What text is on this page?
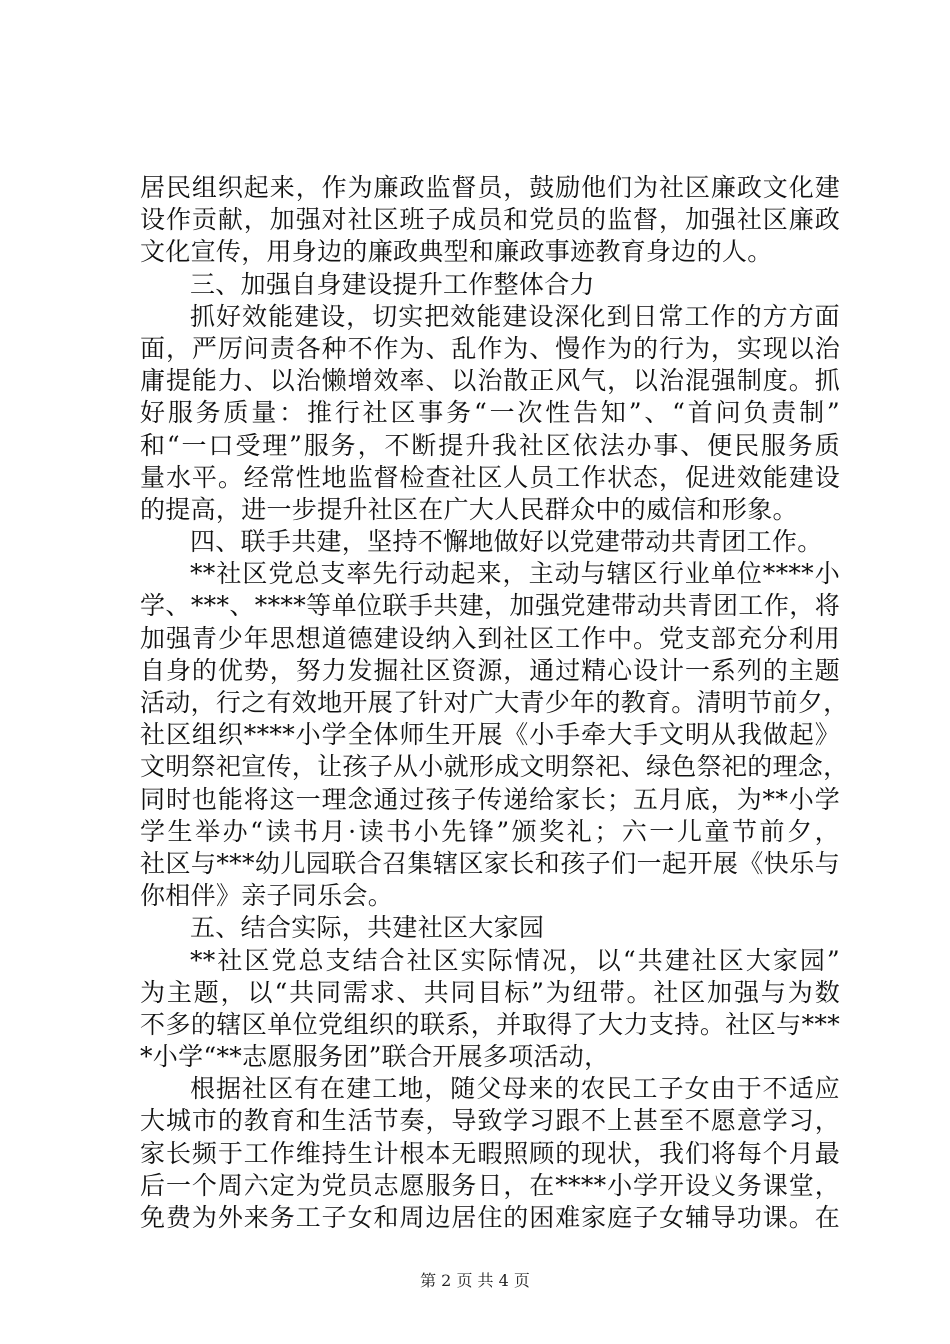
居民组织起来，作为廉政监督员，鼓励他们为社区廉政文化建
设作贡献，加强对社区班子成员和党员的监督，加强社区廉政
文化宣传，用身边的廉政典型和廉政事迹教育身边的人。
三、加强自身建设提升工作整体合力
抓好效能建设，切实把效能建设深化到日常工作的方方面
面，严厉问责各种不作为、乱作为、慢作为的行为，实现以治
庸提能力、以治懒增效率、以治散正风气，以治混强制度。抓
好服务质量：推行社区事务“一次性告知”、“首问负责制”
和“一口受理”服务，不断提升我社区依法办事、便民服务质
量水平。经常性地监督检查社区人员工作状态，促进效能建设
的提高，进一步提升社区在广大人民群众中的威信和形象。
四、联手共建，坚持不懈地做好以党建带动共青团工作。
**社区党总支率先行动起来，主动与辖区行业单位****小
学、***、****等单位联手共建，加强党建带动共青团工作，将
加强青少年思想道德建设纳入到社区工作中。党支部充分利用
自身的优势，努力发掘社区资源，通过精心设计一系列的主题
活动，行之有效地开展了针对广大青少年的教育。清明节前夕，
社区组织****小学全体师生开展《小手牵大手文明从我做起》
文明祭祀宣传，让孩子从小就形成文明祭祀、绿色祭祀的理念，
同时也能将这一理念通过孩子传递给家长；五月底，为**小学
学生举办“读书月·读书小先锋”颁奖礼；六一儿童节前夕，
社区与***幼儿园联合召集辖区家长和孩子们一起开展《快乐与
你相伴》亲子同乐会。
五、结合实际，共建社区大家园
**社区党总支结合社区实际情况，以“共建社区大家园”
为主题，以“共同需求、共同目标”为纽带。社区加强与为数
不多的辖区单位党组织的联系，并取得了大力支持。社区与***
*小学“**志愿服务团”联合开展多项活动，
根据社区有在建工地，随父母来的农民工子女由于不适应
大城市的教育和生活节奏，导致学习跟不上甚至不愿意学习，
家长频于工作维持生计根本无暇照顾的现状，我们将每个月最
后一个周六定为党员志愿服务日，在****小学开设义务课堂，
免费为外来务工子女和周边居住的困难家庭子女辅导功课。在
第 2 页 共 4 页
